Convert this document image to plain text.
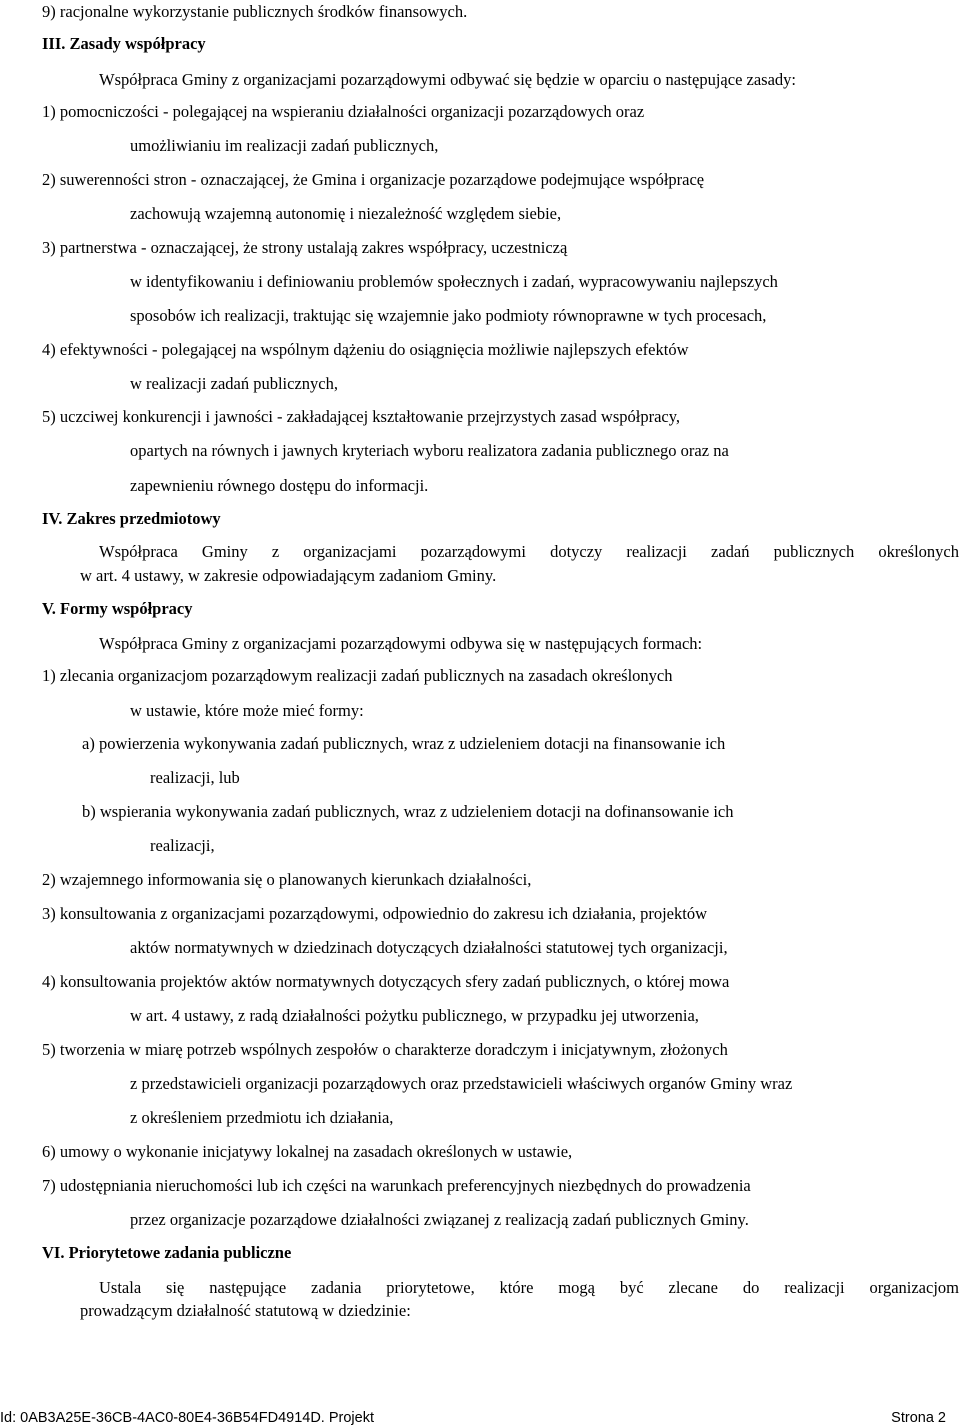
9) racjonalne wykorzystanie publicznych środków finansowych.
III. Zasady współpracy
Współpraca Gminy z organizacjami pozarządowymi odbywać się będzie w oparciu o następujące zasady:
1) pomocniczości - polegającej na wspieraniu działalności organizacji pozarządowych oraz
umożliwianiu im realizacji zadań publicznych,
2) suwerenności stron - oznaczającej, że Gmina i organizacje pozarządowe podejmujące współpracę
zachowują wzajemną autonomię i niezależność względem siebie,
3) partnerstwa - oznaczającej, że strony ustalają zakres współpracy, uczestniczą
w identyfikowaniu i definiowaniu problemów społecznych i zadań, wypracowywaniu najlepszych
sposobów ich realizacji, traktując się wzajemnie jako podmioty równoprawne w tych procesach,
4) efektywności - polegającej na wspólnym dążeniu do osiągnięcia możliwie najlepszych efektów
w realizacji zadań publicznych,
5) uczciwej konkurencji i jawności - zakładającej kształtowanie przejrzystych zasad współpracy,
opartych na równych i jawnych kryteriach wyboru realizatora zadania publicznego oraz na
zapewnieniu równego dostępu do informacji.
IV. Zakres przedmiotowy
Współpraca Gminy z organizacjami pozarządowymi dotyczy realizacji zadań publicznych określonych
w art. 4 ustawy, w zakresie odpowiadającym zadaniom Gminy.
V. Formy współpracy
Współpraca Gminy z organizacjami pozarządowymi odbywa się w następujących formach:
1) zlecania organizacjom pozarządowym realizacji zadań publicznych na zasadach określonych
w ustawie, które może mieć formy:
a) powierzenia wykonywania zadań publicznych, wraz z udzieleniem dotacji na finansowanie ich
realizacji, lub
b) wspierania wykonywania zadań publicznych, wraz z udzieleniem dotacji na dofinansowanie ich
realizacji,
2) wzajemnego informowania się o planowanych kierunkach działalności,
3) konsultowania z organizacjami pozarządowymi, odpowiednio do zakresu ich działania, projektów
aktów normatywnych w dziedzinach dotyczących działalności statutowej tych organizacji,
4) konsultowania projektów aktów normatywnych dotyczących sfery zadań publicznych, o której mowa
w art. 4 ustawy, z radą działalności pożytku publicznego, w przypadku jej utworzenia,
5) tworzenia w miarę potrzeb wspólnych zespołów o charakterze doradczym i inicjatywnym, złożonych
z przedstawicieli organizacji pozarządowych oraz przedstawicieli właściwych organów Gminy wraz
z określeniem przedmiotu ich działania,
6) umowy o wykonanie inicjatywy lokalnej na zasadach określonych w ustawie,
7) udostępniania nieruchomości lub ich części na warunkach preferencyjnych niezbędnych do prowadzenia
przez organizacje pozarządowe działalności związanej z realizacją zadań publicznych Gminy.
VI. Priorytetowe zadania publiczne
Ustala się następujące zadania priorytetowe, które mogą być zlecane do realizacji organizacjom
prowadzącym działalność statutową w dziedzinie:
Id: 0AB3A25E-36CB-4AC0-80E4-36B54FD4914D. Projekt	Strona 2
